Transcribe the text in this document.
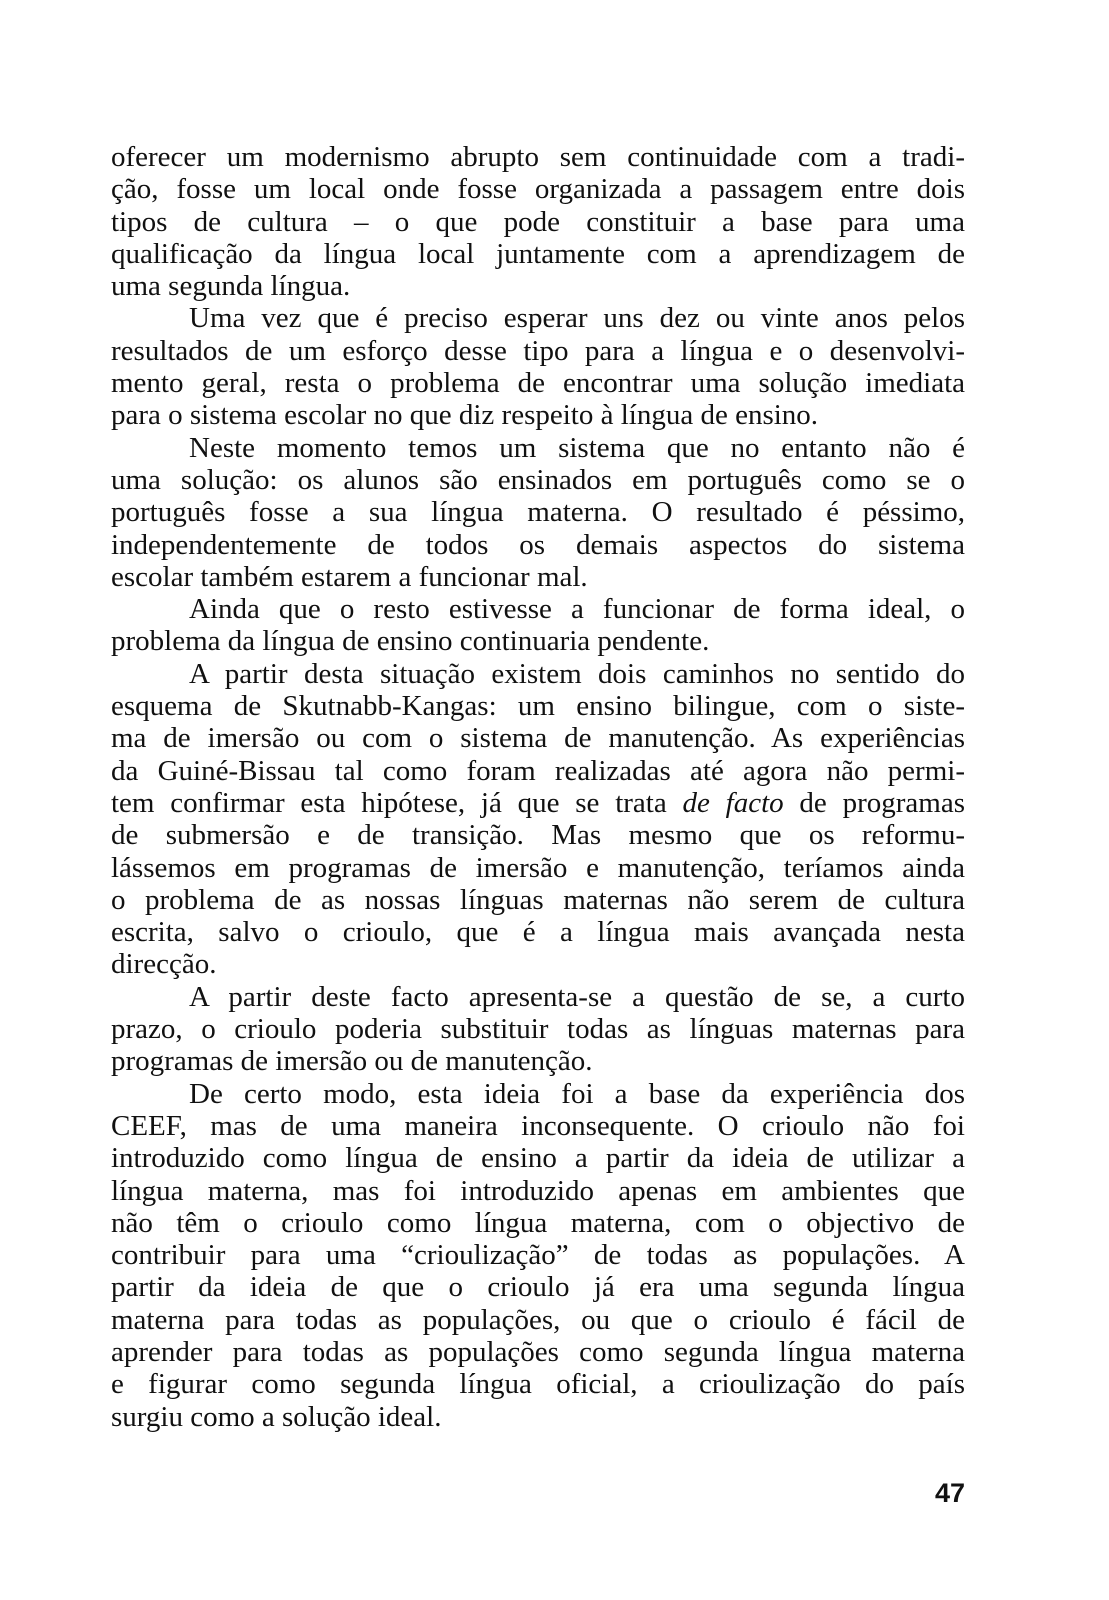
oferecer um modernismo abrupto sem continuidade com a tradi-
ção, fosse um local onde fosse organizada a passagem entre dois
tipos de cultura – o que pode constituir a base para uma
qualificação da língua local juntamente com a aprendizagem de
uma segunda língua.
Uma vez que é preciso esperar uns dez ou vinte anos pelos
resultados de um esforço desse tipo para a língua e o desenvolvi-
mento geral, resta o problema de encontrar uma solução imediata
para o sistema escolar no que diz respeito à língua de ensino.
Neste momento temos um sistema que no entanto não é
uma solução: os alunos são ensinados em português como se o
português fosse a sua língua materna. O resultado é péssimo,
independentemente de todos os demais aspectos do sistema
escolar também estarem a funcionar mal.
Ainda que o resto estivesse a funcionar de forma ideal, o
problema da língua de ensino continuaria pendente.
A partir desta situação existem dois caminhos no sentido do
esquema de Skutnabb-Kangas: um ensino bilingue, com o siste-
ma de imersão ou com o sistema de manutenção. As experiências
da Guiné-Bissau tal como foram realizadas até agora não permi-
tem confirmar esta hipótese, já que se trata de facto de programas
de submersão e de transição. Mas mesmo que os reformu-
lássemos em programas de imersão e manutenção, teríamos ainda
o problema de as nossas línguas maternas não serem de cultura
escrita, salvo o crioulo, que é a língua mais avançada nesta
direcção.
A partir deste facto apresenta-se a questão de se, a curto
prazo, o crioulo poderia substituir todas as línguas maternas para
programas de imersão ou de manutenção.
De certo modo, esta ideia foi a base da experiência dos
CEEF, mas de uma maneira inconsequente. O crioulo não foi
introduzido como língua de ensino a partir da ideia de utilizar a
língua materna, mas foi introduzido apenas em ambientes que
não têm o crioulo como língua materna, com o objectivo de
contribuir para uma “crioulização” de todas as populações. A
partir da ideia de que o crioulo já era uma segunda língua
materna para todas as populações, ou que o crioulo é fácil de
aprender para todas as populações como segunda língua materna
e figurar como segunda língua oficial, a crioulização do país
surgiu como a solução ideal.
47
